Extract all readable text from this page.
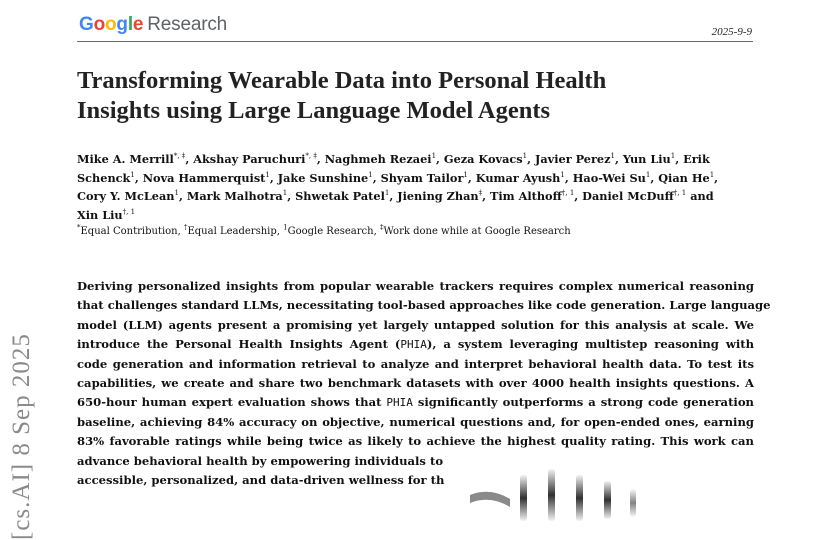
Google Research	2025-9-9
Transforming Wearable Data into Personal Health Insights using Large Language Model Agents

Mike A. Merrill*, ‡, Akshay Paruchuri*, ‡, Naghmeh Rezaei$^1$, Geza Kovacs$^1$, Javier Perez$^1$, Yun Liu$^1$, Erik Schenck$^1$, Nova Hammerquist$^1$, Jake Sunshine$^1$, Shyam Tailor$^1$, Kumar Ayush$^1$, Hao-Wei Su$^1$, Qian He$^1$, Cory Y. McLean$^1$, Mark Malhotra$^1$, Shwetak Patel$^1$, Jiening Zhan‡, Tim Althoff$^{\dagger, 1}$, Daniel McDuff$^{\dagger, 1}$ and Xin Liu$^{\dagger, 1}$

*Equal Contribution, †Equal Leadership, $^1$Google Research, ‡Work done while at Google Research

Deriving personalized insights from popular wearable trackers requires complex numerical reasoning
that challenges standard LLMs, necessitating tool-based approaches like code generation. Large language
model (LLM) agents present a promising yet largely untapped solution for this analysis at scale. We
introduce the Personal Health Insights Agent (PHIA), a system leveraging multistep reasoning with
code generation and information retrieval to analyze and interpret behavioral health data. To test its
capabilities, we create and share two benchmark datasets with over 4000 health insights questions. A
650-hour human expert evaluation shows that PHIA significantly outperforms a strong code generation
baseline, achieving 84% accuracy on objective, numerical questions and, for open-ended ones, earning
83% favorable ratings while being twice as likely to achieve the highest quality rating. This work can
advance behavioral health by empowering individuals to
accessible, personalized, and data-driven wellness for th

[cs.AI] 8 Sep 2025
